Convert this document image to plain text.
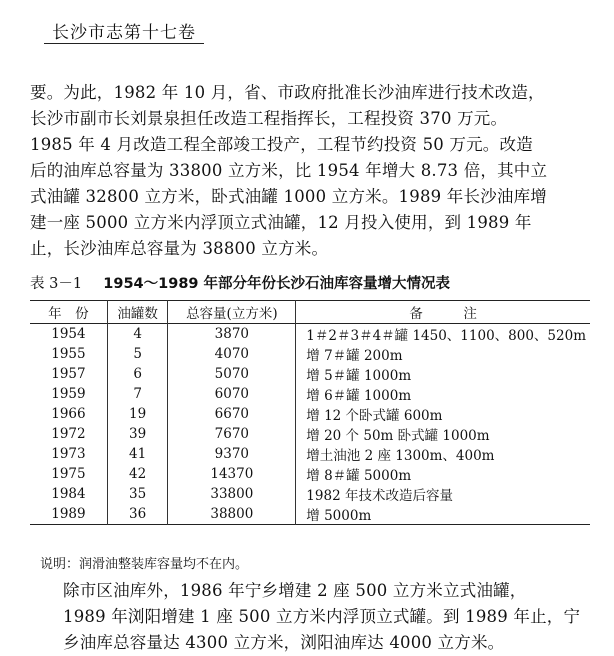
长沙市志第十七卷
要。为此，1982 年 10 月，省、市政府批准长沙油库进行技术改造，
长沙市副市长刘景泉担任改造工程指挥长，工程投资 370 万元。
1985 年 4 月改造工程全部竣工投产，工程节约投资 50 万元。改造
后的油库总容量为 33800 立方米，比 1954 年增大 8.73 倍，其中立
式油罐 32800 立方米，卧式油罐 1000 立方米。1989 年长沙油库增
建一座 5000 立方米内浮顶立式油罐，12 月投入使用，到 1989 年
止，长沙油库总容量为 38800 立方米。
表 3－1 1954～1989 年部分年份长沙石油库容量增大情况表
年　份	油罐数	总容量(立方米)	备　　　注
1954	4	3870	1＃2＃3＃4＃罐 1450、1100、800、520m
1955	5	4070	增 7＃罐 200m
1957	6	5070	增 5＃罐 1000m
1959	7	6070	增 6＃罐 1000m
1966	19	6670	增 12 个卧式罐 600m
1972	39	7670	增 20 个 50m 卧式罐 1000m
1973	41	9370	增土油池 2 座 1300m、400m
1975	42	14370	增 8＃罐 5000m
1984	35	33800	1982 年技术改造后容量
1989	36	38800	增 5000m
说明：润滑油整装库容量均不在内。
除市区油库外，1986 年宁乡增建 2 座 500 立方米立式油罐，
1989 年浏阳增建 1 座 500 立方米内浮顶立式罐。到 1989 年止，宁
乡油库总容量达 4300 立方米，浏阳油库达 4000 立方米。
